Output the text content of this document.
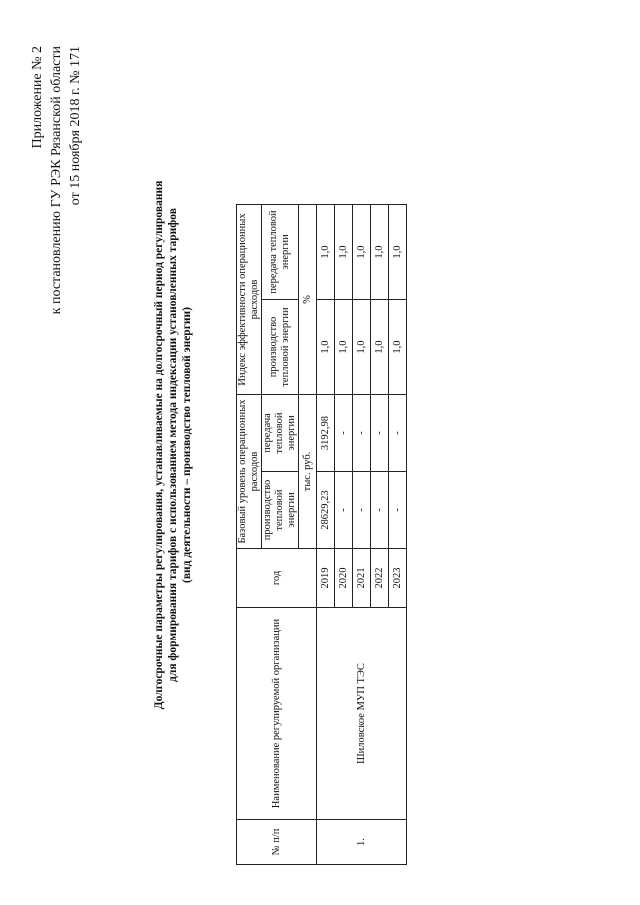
Приложение № 2 к постановлению ГУ РЭК Рязанской области от 15 ноября 2018 г. № 171
Долгосрочные параметры регулирования, устанавливаемые на долгосрочный период регулирования для формирования тарифов с использованием метода индексации установленных тарифов (вид деятельности – производство тепловой энергии)
№ п/п	Наименование регулируемой организации	год	Базовый уровень операционных расходов		Индекс эффективности операционных расходов	
			производство тепловой энергии	передача тепловой энергии	производство тепловой энергии	передача тепловой энергии
			тыс. руб.		%	
1.	Шиловское МУП ТЭС	2019	28629,23	3192,98	1,0	1,0
		2020	-	-	1,0	1,0
		2021	-	-	1,0	1,0
		2022	-	-	1,0	1,0
		2023	-	-	1,0	1,0
